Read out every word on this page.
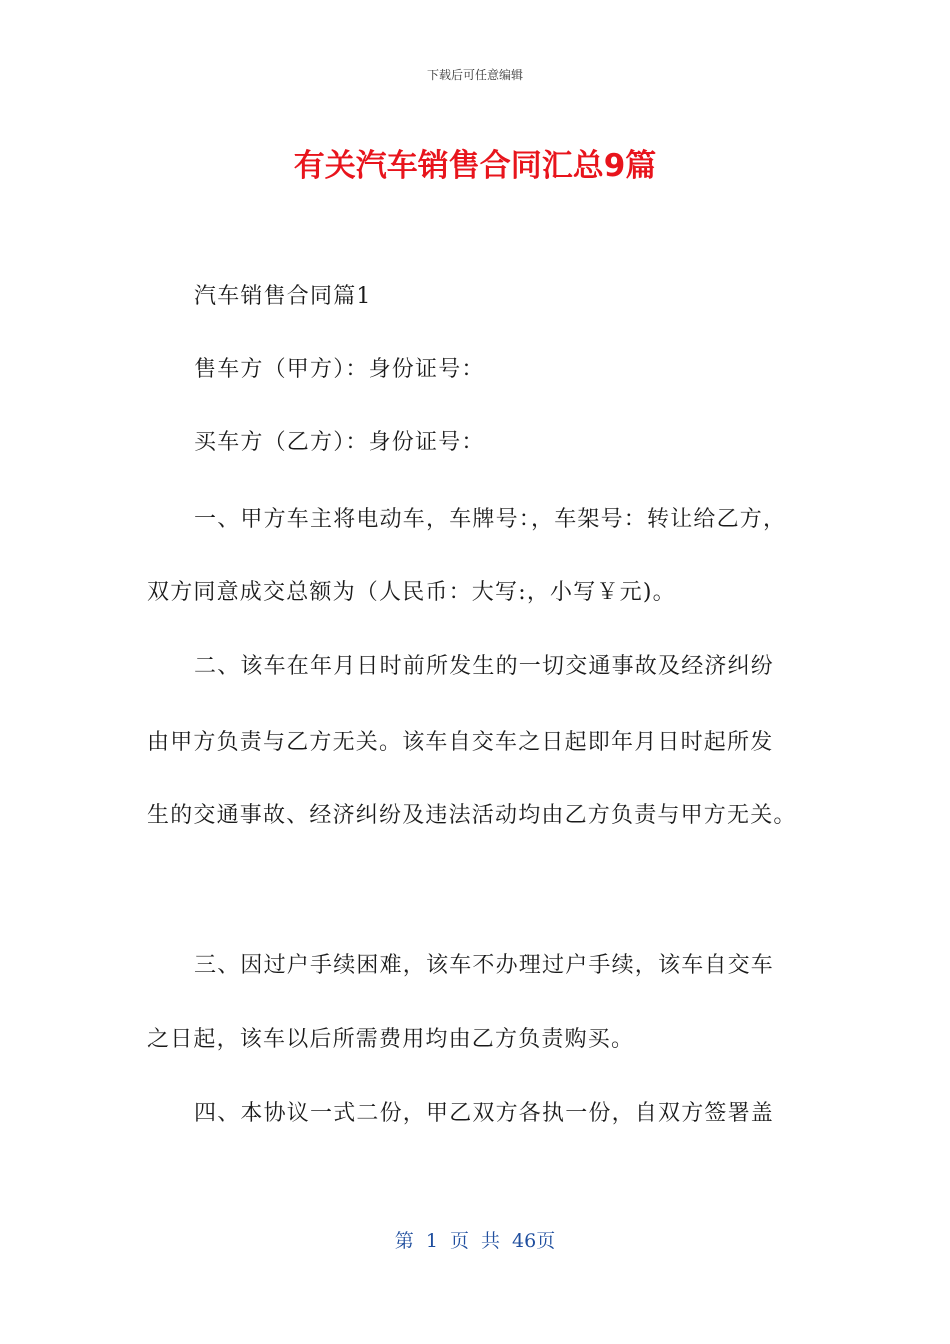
下载后可任意编辑
有关汽车销售合同汇总9篇
汽车销售合同篇1
售车方（甲方）：身份证号：
买车方（乙方）：身份证号：
一、甲方车主将电动车，车牌号：，车架号：转让给乙方，
双方同意成交总额为（人民币：大写:，小写￥元)。
二、该车在年月日时前所发生的一切交通事故及经济纠纷
由甲方负责与乙方无关。该车自交车之日起即年月日时起所发
生的交通事故、经济纠纷及违法活动均由乙方负责与甲方无关。
三、因过户手续困难，该车不办理过户手续，该车自交车
之日起，该车以后所需费用均由乙方负责购买。
四、本协议一式二份，甲乙双方各执一份，自双方签署盖
第 1 页 共 46页
